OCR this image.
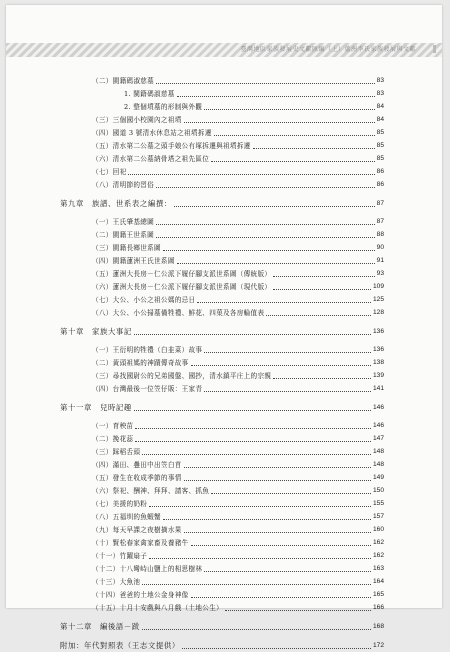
臺灣地區家族發展史文獻匯編（上）蘆洲李氏家族發展與文獻
（二）閩籍碼淑慈墓	83
1. 閩籍碼淑慈墓	83
2. 整個墳墓的形制與外觀	84
（三）三個國小校園內之祖墳	84
（四）國道 3 號清水休息站之祖墳拆遷	85
（五）清水第二公墓之頭手娘公有塚拆遷與祖墳拆遷	85
（六）清水第二公墓納骨塔之祖先區位	85
（七）回祀	86
（八）清明節的習俗	86
第九章　族譜、世系表之編撰：	87
（一）王氏肇基總圖	87
（二）閩籍王世系圖	88
（三）閩籍長鄉世系圖	90
（四）閩籍蓮洲王氏世系圖	91
（五）蓮洲大長房－仁公派下履仔腳支派世系圖（傳統版）	93
（六）蓮洲大長房－仁公派下履仔腳支派世系圖（現代版）	109
（七）大公、小公之祖公媽的忌日	125
（八）大公、小公掃墓備牲禮、鮮花、四菓及各房輪值表	128
第十章　家族大事記	136
（一）王衍明的牲禮（白韭菜）故事	136
（二）黃頭祖媽的神蹟傳奇故事	138
（三）尋找國尉公的兄弟國盤、國抄，清水鎮平庄上的宗親	139
（四）台灣最後一位笠仔販：王家青	141
第十一章　兒時記趣	146
（一）育秧苗	146
（二）挽花蕊	147
（三）踩稻舌頭	148
（四）滿田、疊田中出笠白苜	148
（五）發生在收成季節的事情	149
（六）祭祀、酬神、拜拜、請客、抓魚	150
（七）美援的奶粉	155
（八）五福圳的魚蝦蟹	157
（九）每天早課之夜樹摘水果	160
（十）賢松春家禽家畜及養豬牛	162
（十一）竹躍扇子	162
（十二）十八彎峙山鹽上的相思樹林	163
（十三）大魚池	164
（十四）爸爸的土地公金身神像	165
（十五）十月十安戲與八月戲（土地公生）	166
第十二章　編後語－跋	168
附加：年代對照表（王志文提供）	172
